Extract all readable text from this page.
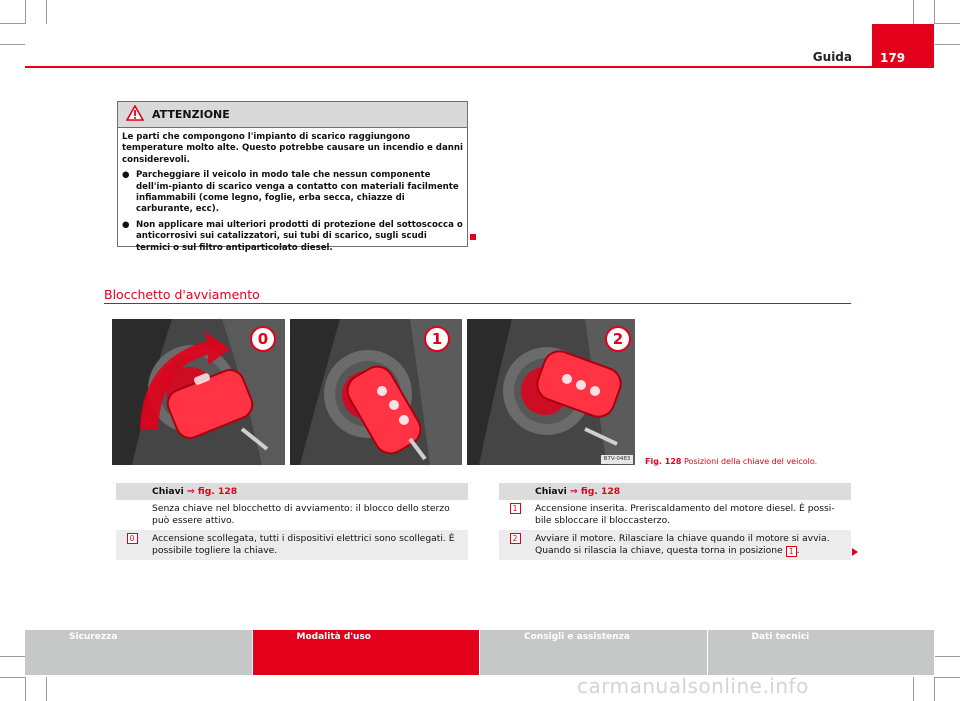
Guida 179
ATTENZIONE

Le parti che compongono l'impianto di scarico raggiungono temperature molto alte. Questo potrebbe causare un incendio e danni considerevoli.

● Parcheggiare il veicolo in modo tale che nessun componente dell'im-pianto di scarico venga a contatto con materiali facilmente infiammabili (come legno, foglie, erba secca, chiazze di carburante, ecc).

● Non applicare mai ulteriori prodotti di protezione del sottoscocca o anticorrosivi sui catalizzatori, sui tubi di scarico, sugli scudi termici o sul filtro antiparticolato diesel.

Blocchetto d'avviamento
0	1	2
B7V-0483	Fig. 128 Posizioni della chiave del veicolo.
Chiavi ⇒ fig. 128
Senza chiave nel blocchetto di avviamento: il blocco dello sterzo può essere attivo.
0	Accensione scollegata, tutti i dispositivi elettrici sono scollegati. È possibile togliere la chiave.
Chiavi ⇒ fig. 128
1	Accensione inserita. Preriscaldamento del motore diesel. È possi-bile sbloccare il bloccasterzo.
2	Avviare il motore. Rilasciare la chiave quando il motore si avvia. Quando si rilascia la chiave, questa torna in posizione 1 .
Sicurezza	Modalità d'uso	Consigli e assistenza	Dati tecnici
carmanualsonline.info
